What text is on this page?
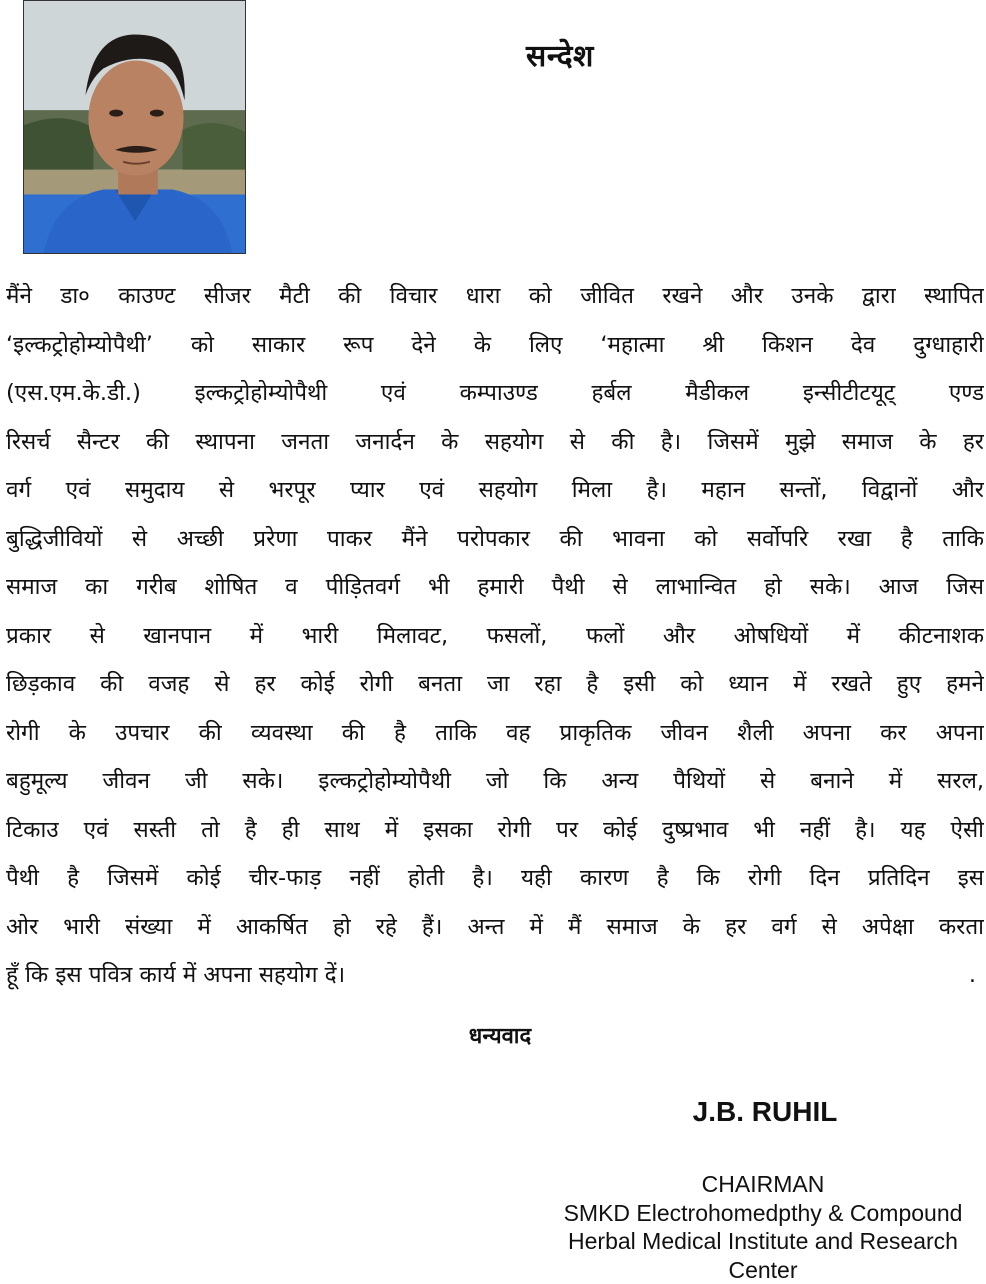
सन्देश
मैंने डा० काउण्ट सीजर मैटी की विचार धारा को जीवित रखने और उनके द्वारा स्थापित
‘इल्कट्रोहोम्योपैथी’ को साकार रूप देने के लिए ‘महात्मा श्री किशन देव दुग्धाहारी
(एस.एम.के.डी.) इल्कट्रोहोम्योपैथी एवं कम्पाउण्ड हर्बल मैडीकल इन्सीटीटयूट् एण्ड
रिसर्च सैन्टर की स्थापना जनता जनार्दन के सहयोग से की है। जिसमें मुझे समाज के हर
वर्ग एवं समुदाय से भरपूर प्यार एवं सहयोग मिला है। महान सन्तों, विद्वानों और
बुद्धिजीवियों से अच्छी प्ररेणा पाकर मैंने परोपकार की भावना को सर्वोपरि रखा है ताकि
समाज का गरीब शोषित व पीड़ितवर्ग भी हमारी पैथी से लाभान्वित हो सके। आज जिस
प्रकार से खानपान में भारी मिलावट, फसलों, फलों और ओषधियों में कीटनाशक
छिड़काव की वजह से हर कोई रोगी बनता जा रहा है इसी को ध्यान में रखते हुए हमने
रोगी के उपचार की व्यवस्था की है ताकि वह प्राकृतिक जीवन शैली अपना कर अपना
बहुमूल्य जीवन जी सके। इल्कट्रोहोम्योपैथी जो कि अन्य पैथियों से बनाने में सरल,
टिकाउ एवं सस्ती तो है ही साथ में इसका रोगी पर कोई दुष्प्रभाव भी नहीं है। यह ऐसी
पैथी है जिसमें कोई चीर-फाड़ नहीं होती है। यही कारण है कि रोगी दिन प्रतिदिन इस
ओर भारी संख्या में आकर्षित हो रहे हैं। अन्त में मैं समाज के हर वर्ग से अपेक्षा करता
हूँ कि इस पवित्र कार्य में अपना सहयोग दें।	.
धन्यवाद
J.B. RUHIL
CHAIRMAN
SMKD Electrohomedpthy & Compound
Herbal Medical Institute and Research
Center
